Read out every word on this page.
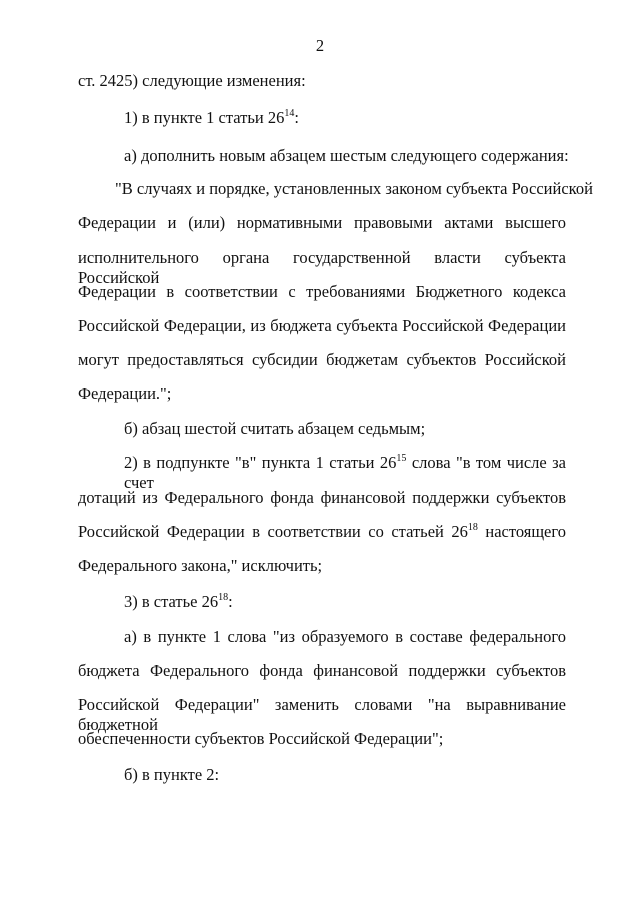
2
ст. 2425) следующие изменения:
1) в пункте 1 статьи $26^{14}$:
а) дополнить новым абзацем шестым следующего содержания:
"В случаях и порядке, установленных законом субъекта Российской
Федерации и (или) нормативными правовыми актами высшего
исполнительного органа государственной власти субъекта Российской
Федерации в соответствии с требованиями Бюджетного кодекса
Российской Федерации, из бюджета субъекта Российской Федерации
могут предоставляться субсидии бюджетам субъектов Российской
Федерации.";
б) абзац шестой считать абзацем седьмым;
2) в подпункте "в" пункта 1 статьи $26^{15}$ слова "в том числе за счет
дотаций из Федерального фонда финансовой поддержки субъектов
Российской Федерации в соответствии со статьей $26^{18}$ настоящего
Федерального закона," исключить;
3) в статье $26^{18}$:
а) в пункте 1 слова "из образуемого в составе федерального
бюджета Федерального фонда финансовой поддержки субъектов
Российской Федерации" заменить словами "на выравнивание бюджетной
обеспеченности субъектов Российской Федерации";
б) в пункте 2:
